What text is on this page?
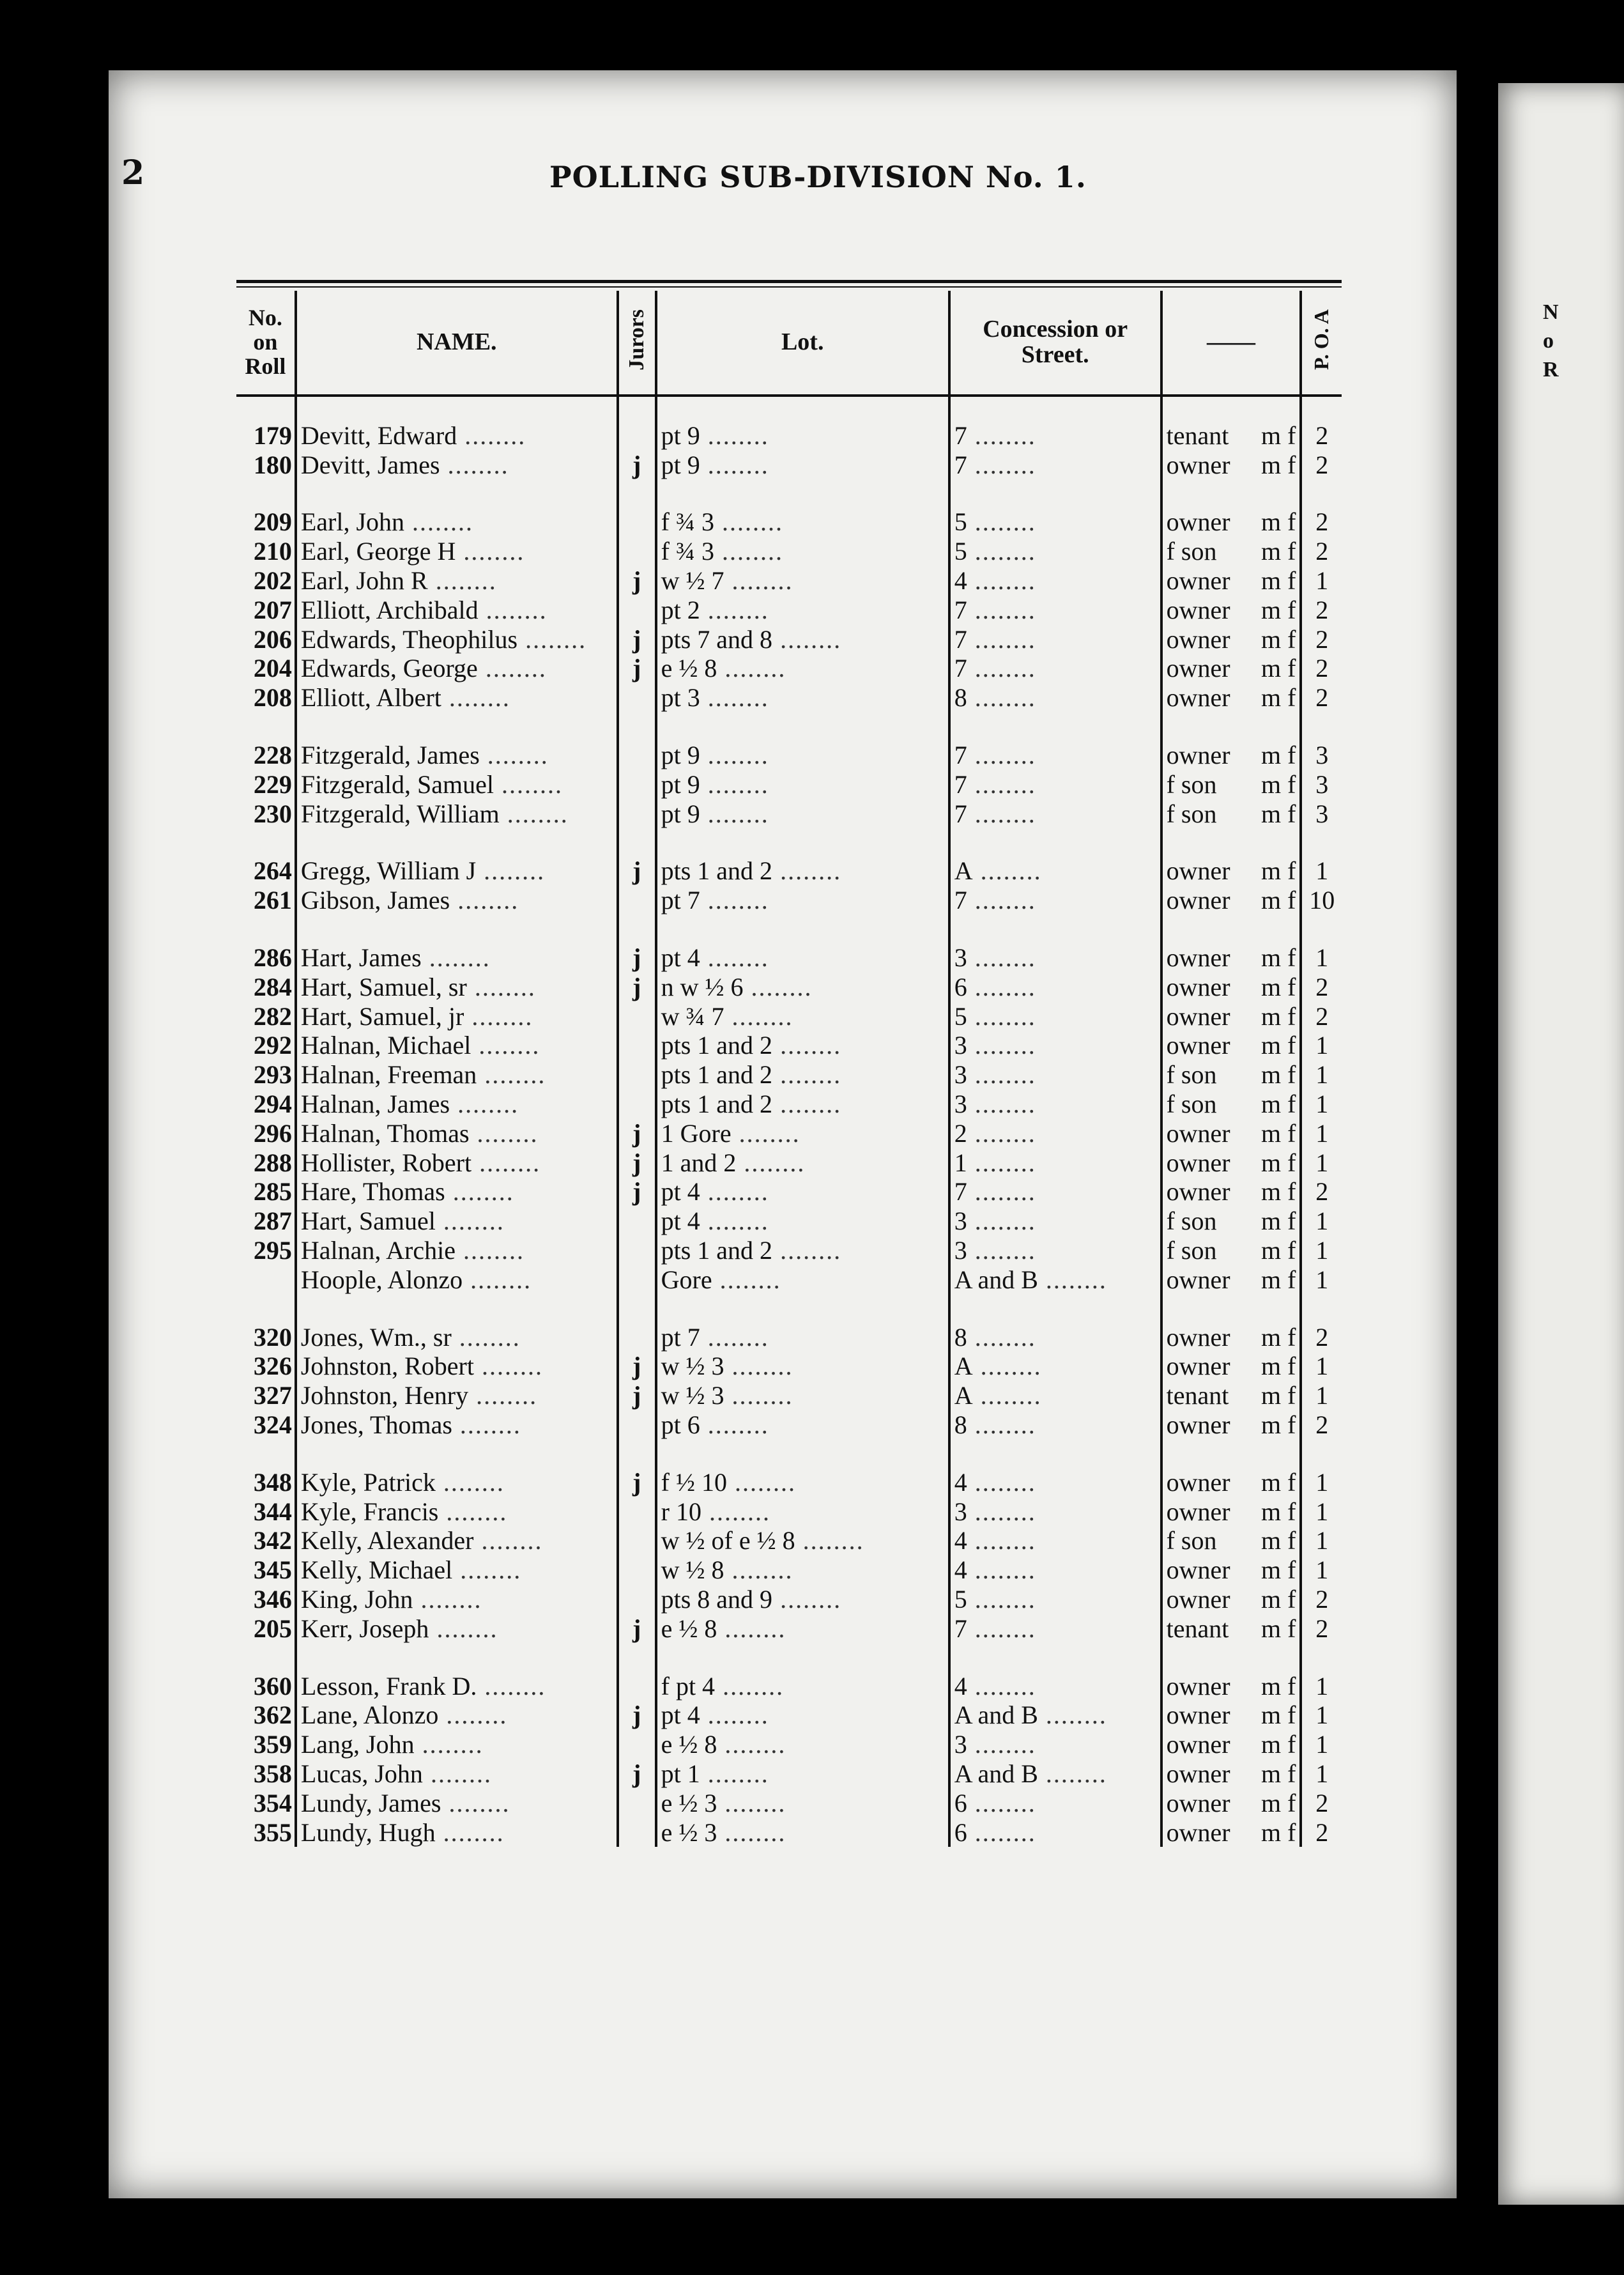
N
o
R
2	POLLING SUB-DIVISION No. 1.
No. on Roll	NAME.	Jurors	Lot.	Concession or Street.	——	P. O. A

179	Devitt, Edward ........		pt 9 ........	7 ........	tenant m f	2
180	Devitt, James ........	j	pt 9 ........	7 ........	owner m f	2

209	Earl, John ........		f ¾ 3 ........	5 ........	owner m f	2
210	Earl, George H ........		f ¾ 3 ........	5 ........	f son m f	2
202	Earl, John R ........	j	w ½ 7 ........	4 ........	owner m f	1
207	Elliott, Archibald ........		pt 2 ........	7 ........	owner m f	2
206	Edwards, Theophilus ........	j	pts 7 and 8 ........	7 ........	owner m f	2
204	Edwards, George ........	j	e ½ 8 ........	7 ........	owner m f	2
208	Elliott, Albert ........		pt 3 ........	8 ........	owner m f	2

228	Fitzgerald, James ........		pt 9 ........	7 ........	owner m f	3
229	Fitzgerald, Samuel ........		pt 9 ........	7 ........	f son m f	3
230	Fitzgerald, William ........		pt 9 ........	7 ........	f son m f	3

264	Gregg, William J ........	j	pts 1 and 2 ........	A ........	owner m f	1
261	Gibson, James ........		pt 7 ........	7 ........	owner m f	10

286	Hart, James ........	j	pt 4 ........	3 ........	owner m f	1
284	Hart, Samuel, sr ........	j	n w ½ 6 ........	6 ........	owner m f	2
282	Hart, Samuel, jr ........		w ¾ 7 ........	5 ........	owner m f	2
292	Halnan, Michael ........		pts 1 and 2 ........	3 ........	owner m f	1
293	Halnan, Freeman ........		pts 1 and 2 ........	3 ........	f son m f	1
294	Halnan, James ........		pts 1 and 2 ........	3 ........	f son m f	1
296	Halnan, Thomas ........	j	1 Gore ........	2 ........	owner m f	1
288	Hollister, Robert ........	j	1 and 2 ........	1 ........	owner m f	1
285	Hare, Thomas ........	j	pt 4 ........	7 ........	owner m f	2
287	Hart, Samuel ........		pt 4 ........	3 ........	f son m f	1
295	Halnan, Archie ........		pts 1 and 2 ........	3 ........	f son m f	1
	Hoople, Alonzo ........		Gore ........	A and B ........	owner m f	1

320	Jones, Wm., sr ........		pt 7 ........	8 ........	owner m f	2
326	Johnston, Robert ........	j	w ½ 3 ........	A ........	owner m f	1
327	Johnston, Henry ........	j	w ½ 3 ........	A ........	tenant m f	1
324	Jones, Thomas ........		pt 6 ........	8 ........	owner m f	2

348	Kyle, Patrick ........	j	f ½ 10 ........	4 ........	owner m f	1
344	Kyle, Francis ........		r 10 ........	3 ........	owner m f	1
342	Kelly, Alexander ........		w ½ of e ½ 8 ........	4 ........	f son m f	1
345	Kelly, Michael ........		w ½ 8 ........	4 ........	owner m f	1
346	King, John ........		pts 8 and 9 ........	5 ........	owner m f	2
205	Kerr, Joseph ........	j	e ½ 8 ........	7 ........	tenant m f	2

360	Lesson, Frank D. ........		f pt 4 ........	4 ........	owner m f	1
362	Lane, Alonzo ........	j	pt 4 ........	A and B ........	owner m f	1
359	Lang, John ........		e ½ 8 ........	3 ........	owner m f	1
358	Lucas, John ........	j	pt 1 ........	A and B ........	owner m f	1
354	Lundy, James ........		e ½ 3 ........	6 ........	owner m f	2
355	Lundy, Hugh ........		e ½ 3 ........	6 ........	owner m f	2
